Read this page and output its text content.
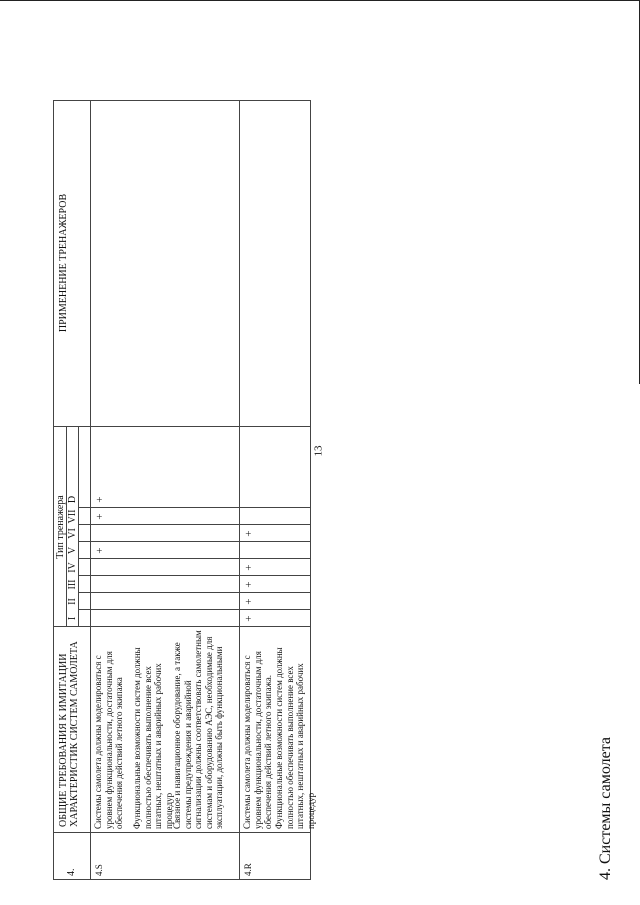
13
4. Системы самолета
4.
ОБЩИЕ ТРЕБОВАНИЯ К ИМИТАЦИИ ХАРАКТЕРИСТИК СИСТЕМ САМОЛЕТА
Тип тренажера
ПРИМЕНЕНИЕ ТРЕНАЖЕРОВ
I
II
III
IV
V
VI
VII
D
4.S
Системы самолета должны моделироваться с уровнем функциональности, достаточным для обеспечения действий летного экипажа Функциональные возможности систем должны полностью обеспечивать выполнение всех штатных, нештатных и аварийных рабочих процедур
Связное и навигационное оборудование, а также системы предупреждения и аварийной сигнализации должны соответствовать самолетным системам и оборудованию АЭС, необходимые для эксплуатации, должны быть функциональными
4.R
Системы самолета должны моделироваться с уровнем функциональности, достаточным для обеспечения действий летного экипажа. Функциональные возможности систем должны полностью обеспечивать выполнение всех штатных, нештатных и аварийных рабочих процедур
+
+
+
+
+
+
+
+
